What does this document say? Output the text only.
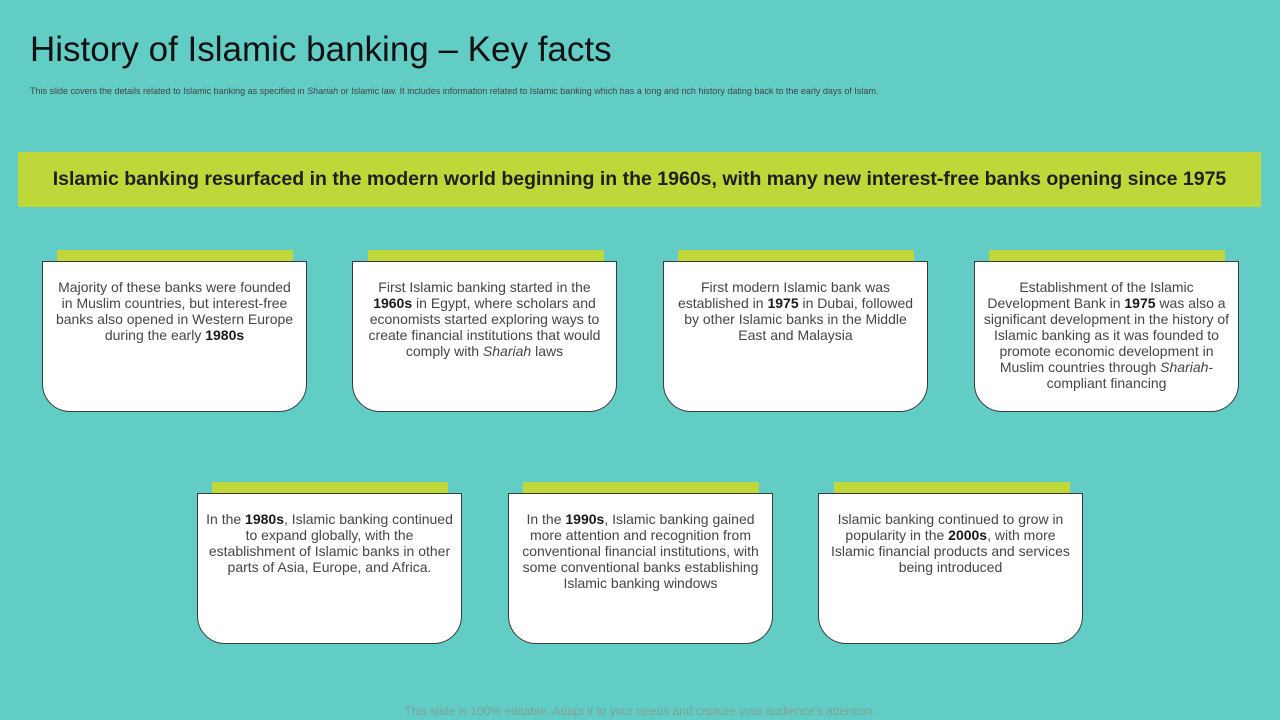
History of Islamic banking – Key facts
This slide covers the details related to Islamic banking as specified in Shariah or Islamic law. It includes information related to Islamic banking which has a long and rich history dating back to the early days of Islam.
Islamic banking resurfaced in the modern world beginning in the 1960s, with many new interest-free banks opening since 1975
Majority of these banks were founded in Muslim countries, but interest-free banks also opened in Western Europe during the early 1980s
First Islamic banking started in the 1960s in Egypt, where scholars and economists started exploring ways to create financial institutions that would comply with Shariah laws
First modern Islamic bank was established in 1975 in Dubai, followed by other Islamic banks in the Middle East and Malaysia
Establishment of the Islamic Development Bank in 1975 was also a significant development in the history of Islamic banking as it was founded to promote economic development in Muslim countries through Shariah-compliant financing
In the 1980s, Islamic banking continued to expand globally, with the establishment of Islamic banks in other parts of Asia, Europe, and Africa.
In the 1990s, Islamic banking gained more attention and recognition from conventional financial institutions, with some conventional banks establishing Islamic banking windows
Islamic banking continued to grow in popularity in the 2000s, with more Islamic financial products and services being introduced
This slide is 100% editable. Adapt it to your needs and capture your audience's attention.
